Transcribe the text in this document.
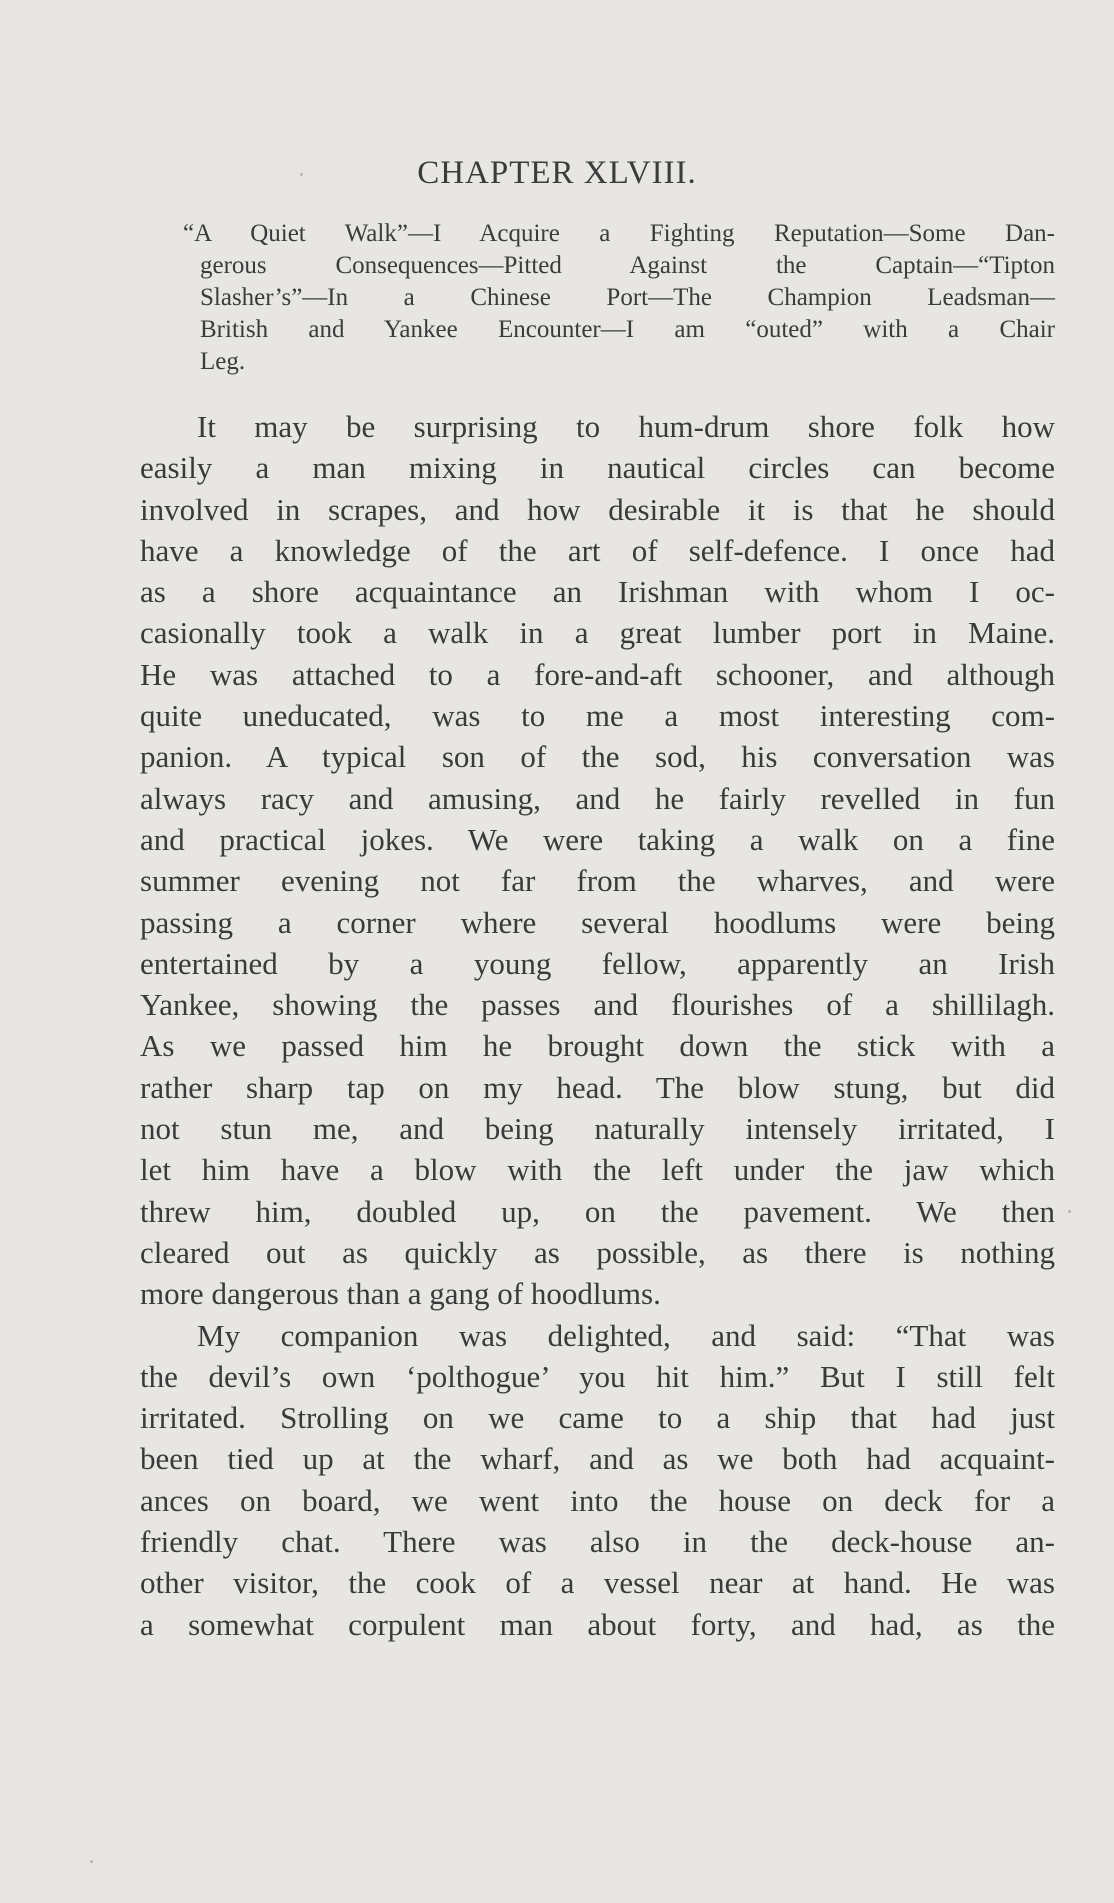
CHAPTER XLVIII.
“A Quiet Walk”—I Acquire a Fighting Reputation—Some Dan-
gerous Consequences—Pitted Against the Captain—“Tipton
Slasher’s”—In a Chinese Port—The Champion Leadsman—
British and Yankee Encounter—I am “outed” with a Chair
Leg.
It may be surprising to hum-drum shore folk how
easily a man mixing in nautical circles can become
involved in scrapes, and how desirable it is that he should
have a knowledge of the art of self-defence. I once had
as a shore acquaintance an Irishman with whom I oc-
casionally took a walk in a great lumber port in Maine.
He was attached to a fore-and-aft schooner, and although
quite uneducated, was to me a most interesting com-
panion. A typical son of the sod, his conversation was
always racy and amusing, and he fairly revelled in fun
and practical jokes. We were taking a walk on a fine
summer evening not far from the wharves, and were
passing a corner where several hoodlums were being
entertained by a young fellow, apparently an Irish
Yankee, showing the passes and flourishes of a shillilagh.
As we passed him he brought down the stick with a
rather sharp tap on my head. The blow stung, but did
not stun me, and being naturally intensely irritated, I
let him have a blow with the left under the jaw which
threw him, doubled up, on the pavement. We then
cleared out as quickly as possible, as there is nothing
more dangerous than a gang of hoodlums.
My companion was delighted, and said: “That was
the devil’s own ‘polthogue’ you hit him.” But I still felt
irritated. Strolling on we came to a ship that had just
been tied up at the wharf, and as we both had acquaint-
ances on board, we went into the house on deck for a
friendly chat. There was also in the deck-house an-
other visitor, the cook of a vessel near at hand. He was
a somewhat corpulent man about forty, and had, as the
